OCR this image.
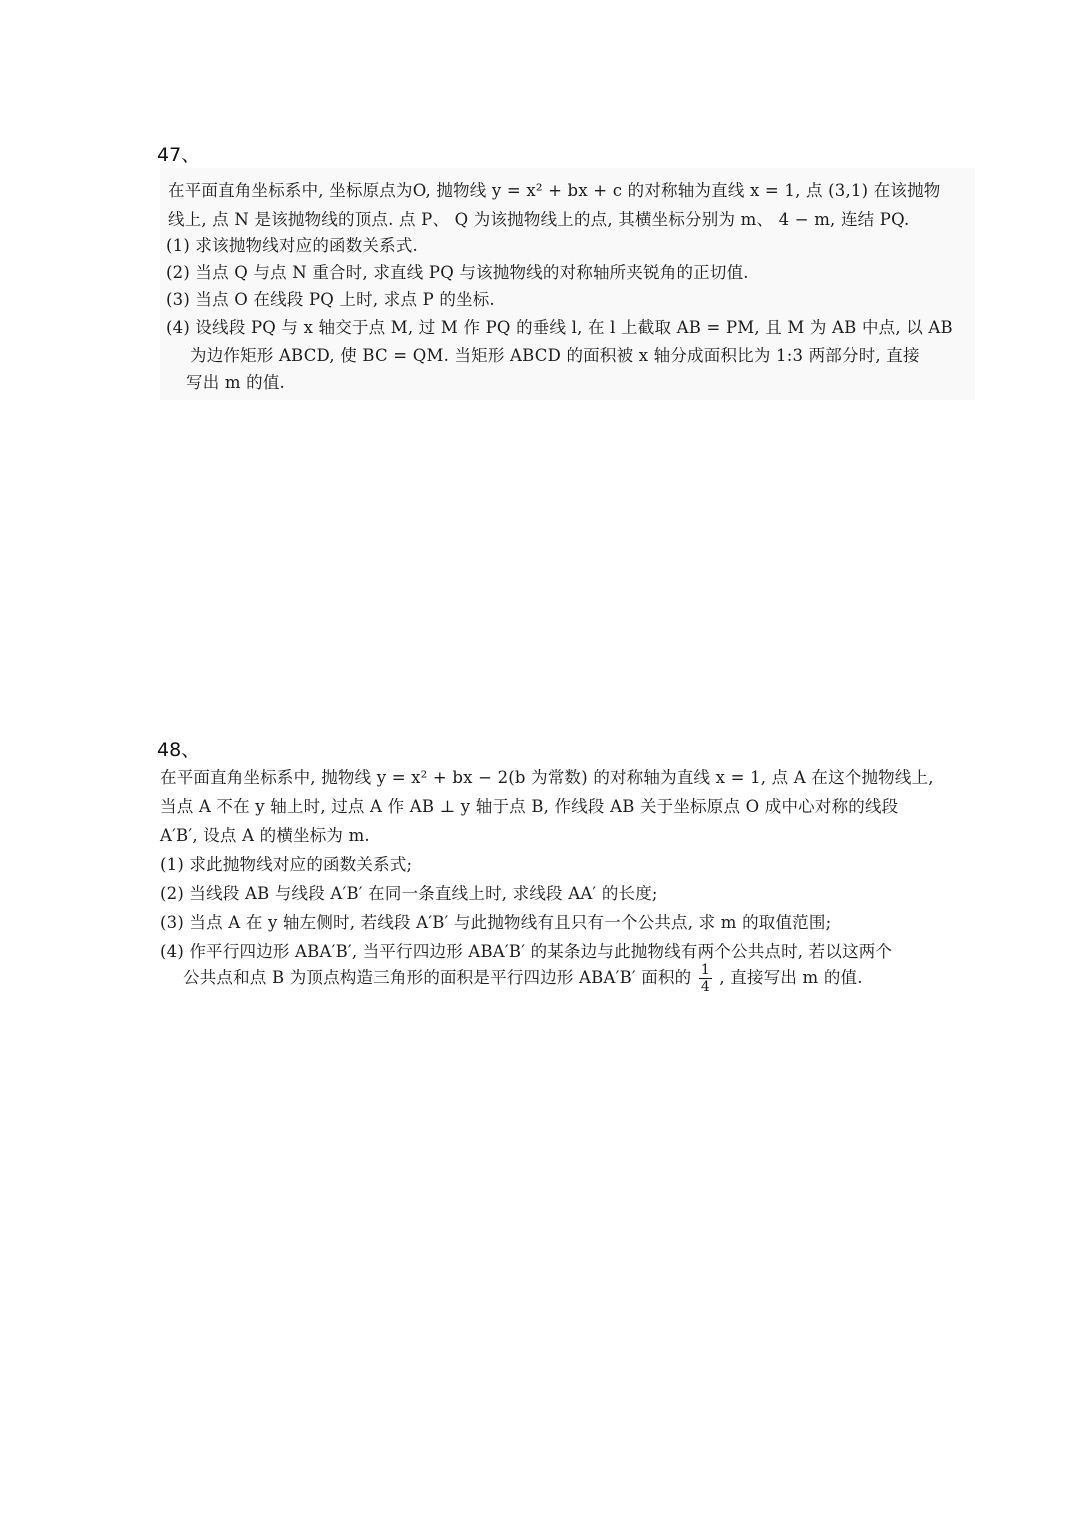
47、
在平面直角坐标系中, 坐标原点为O, 抛物线 y = x² + bx + c 的对称轴为直线 x = 1, 点 (3,1) 在该抛物
线上, 点 N 是该抛物线的顶点. 点 P、 Q 为该抛物线上的点, 其横坐标分别为 m、 4 − m, 连结 PQ.
(1) 求该抛物线对应的函数关系式.
(2) 当点 Q 与点 N 重合时, 求直线 PQ 与该抛物线的对称轴所夹锐角的正切值.
(3) 当点 O 在线段 PQ 上时, 求点 P 的坐标.
(4) 设线段 PQ 与 x 轴交于点 M, 过 M 作 PQ 的垂线 l, 在 l 上截取 AB = PM, 且 M 为 AB 中点, 以 AB
为边作矩形 ABCD, 使 BC = QM. 当矩形 ABCD 的面积被 x 轴分成面积比为 1:3 两部分时, 直接
写出 m 的值.
48、
在平面直角坐标系中, 抛物线 y = x² + bx − 2(b 为常数) 的对称轴为直线 x = 1, 点 A 在这个抛物线上,
当点 A 不在 y 轴上时, 过点 A 作 AB ⊥ y 轴于点 B, 作线段 AB 关于坐标原点 O 成中心对称的线段
A′B′, 设点 A 的横坐标为 m.
(1) 求此抛物线对应的函数关系式;
(2) 当线段 AB 与线段 A′B′ 在同一条直线上时, 求线段 AA′ 的长度;
(3) 当点 A 在 y 轴左侧时, 若线段 A′B′ 与此抛物线有且只有一个公共点, 求 m 的取值范围;
(4) 作平行四边形 ABA′B′, 当平行四边形 ABA′B′ 的某条边与此抛物线有两个公共点时, 若以这两个
公共点和点 B 为顶点构造三角形的面积是平行四边形 ABA′B′ 面积的 $\frac{1}{4}$ , 直接写出 m 的值.
